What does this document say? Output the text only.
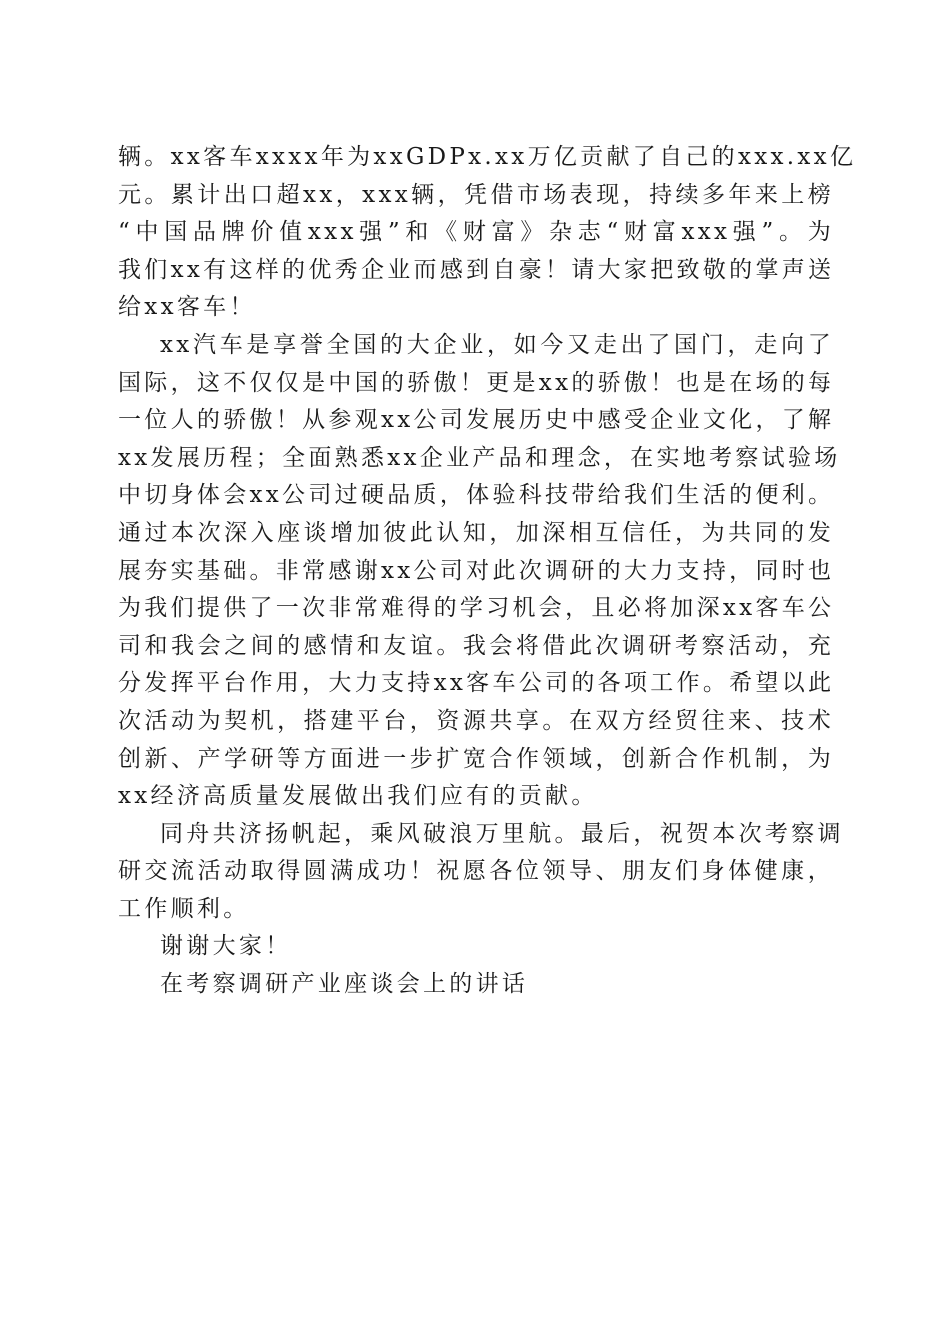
辆。xx客车xxxx年为xxGDPx.xx万亿贡献了自己的xxx.xx亿
元。累计出口超xx，xxx辆，凭借市场表现，持续多年来上榜
“中国品牌价值xxx强”和《财富》杂志“财富xxx强”。为
我们xx有这样的优秀企业而感到自豪！请大家把致敬的掌声送
给xx客车！

xx汽车是享誉全国的大企业，如今又走出了国门，走向了
国际，这不仅仅是中国的骄傲！更是xx的骄傲！也是在场的每
一位人的骄傲！从参观xx公司发展历史中感受企业文化，了解
xx发展历程；全面熟悉xx企业产品和理念，在实地考察试验场
中切身体会xx公司过硬品质，体验科技带给我们生活的便利。
通过本次深入座谈增加彼此认知，加深相互信任，为共同的发
展夯实基础。非常感谢xx公司对此次调研的大力支持，同时也
为我们提供了一次非常难得的学习机会，且必将加深xx客车公
司和我会之间的感情和友谊。我会将借此次调研考察活动，充
分发挥平台作用，大力支持xx客车公司的各项工作。希望以此
次活动为契机，搭建平台，资源共享。在双方经贸往来、技术
创新、产学研等方面进一步扩宽合作领域，创新合作机制，为
xx经济高质量发展做出我们应有的贡献。

同舟共济扬帆起，乘风破浪万里航。最后，祝贺本次考察调
研交流活动取得圆满成功！祝愿各位领导、朋友们身体健康，
工作顺利。

谢谢大家！

在考察调研产业座谈会上的讲话
